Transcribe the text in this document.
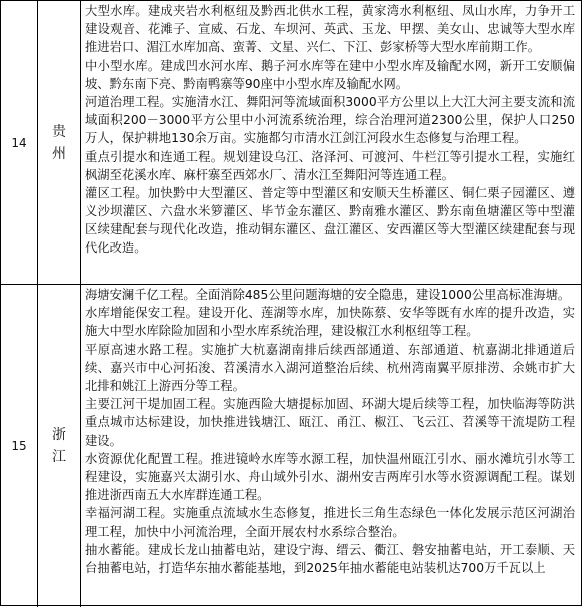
14
贵州

大型水库。建成夹岩水利枢纽及黔西北供水工程，黄家湾水利枢纽、凤山水库，力争开工建设观音、花滩子、宣威、石龙、车坝河、英武、玉龙、甲摆、美女山、忠诚等大型水库推进岩口、湄江水库加高、蛮菁、文星、兴仁、下江、彭家桥等大型水库前期工作。

中小型水库。建成凹水河水库、鹅子河水库等在建中小型水库及输配水网，新开工安顺偏坡、黔东南下亮、黔南鸭寨等90座中小型水库及输配水网。

河道治理工程。实施清水江、舞阳河等流域面积3000平方公里以上大江大河主要支流和流域面积200－3000平方公里中小河流系统治理，综合治理河道2300公里，保护人口250万人，保护耕地130余万亩。实施都匀市清水江剑江河段水生态修复与治理工程。

重点引提水和连通工程。规划建设乌江、洛泽河、可渡河、牛栏江等引提水工程，实施红枫湖至花溪水库、麻杆寨至西郊水厂、清水江至舞阳河等连通工程。

灌区工程。加快黔中大型灌区、普定等中型灌区和安顺天生桥灌区、铜仁栗子园灌区、遵义沙坝灌区、六盘水米箩灌区、毕节金东灌区、黔南雅水灌区、黔东南鱼塘灌区等中型灌区续建配套与现代化改造，推动铜东灌区、盘江灌区、安西灌区等大型灌区续建配套与现代化改造。

15
浙江

海塘安澜千亿工程。全面消除485公里问题海塘的安全隐患，建设1000公里高标准海塘。

水库增能保安工程。建设开化、莲湖等水库，加快陈蔡、安华等既有水库的提升改造，实施大中型水库除险加固和小型水库系统治理，建设椒江水利枢纽等工程。

平原高速水路工程。实施扩大杭嘉湖南排后续西部通道、东部通道、杭嘉湖北排通道后续、嘉兴市中心河拓浚、苕溪清水入湖河道整治后续、杭州湾南翼平原排涝、余姚市扩大北排和姚江上游西分等工程。

主要江河干堤加固工程。实施西险大塘提标加固、环湖大堤后续等工程，加快临海等防洪重点城市达标建设，加快推进钱塘江、瓯江、甬江、椒江、飞云江、苕溪等干流堤防工程建设。

水资源优化配置工程。推进镜岭水库等水源工程，加快温州瓯江引水、丽水滩坑引水等工程建设，实施嘉兴太湖引水、舟山域外引水、湖州安吉两库引水等水资源调配工程。谋划推进浙西南五大水库群连通工程。

幸福河湖工程。实施重点流域水生态修复，推进长三角生态绿色一体化发展示范区河湖治理工程，加快中小河流治理，全面开展农村水系综合整治。

抽水蓄能。建成长龙山抽蓄电站，建设宁海、缙云、衢江、磐安抽蓄电站，开工泰顺、天台抽蓄电站，打造华东抽水蓄能基地，到2025年抽水蓄能电站装机达700万千瓦以上
